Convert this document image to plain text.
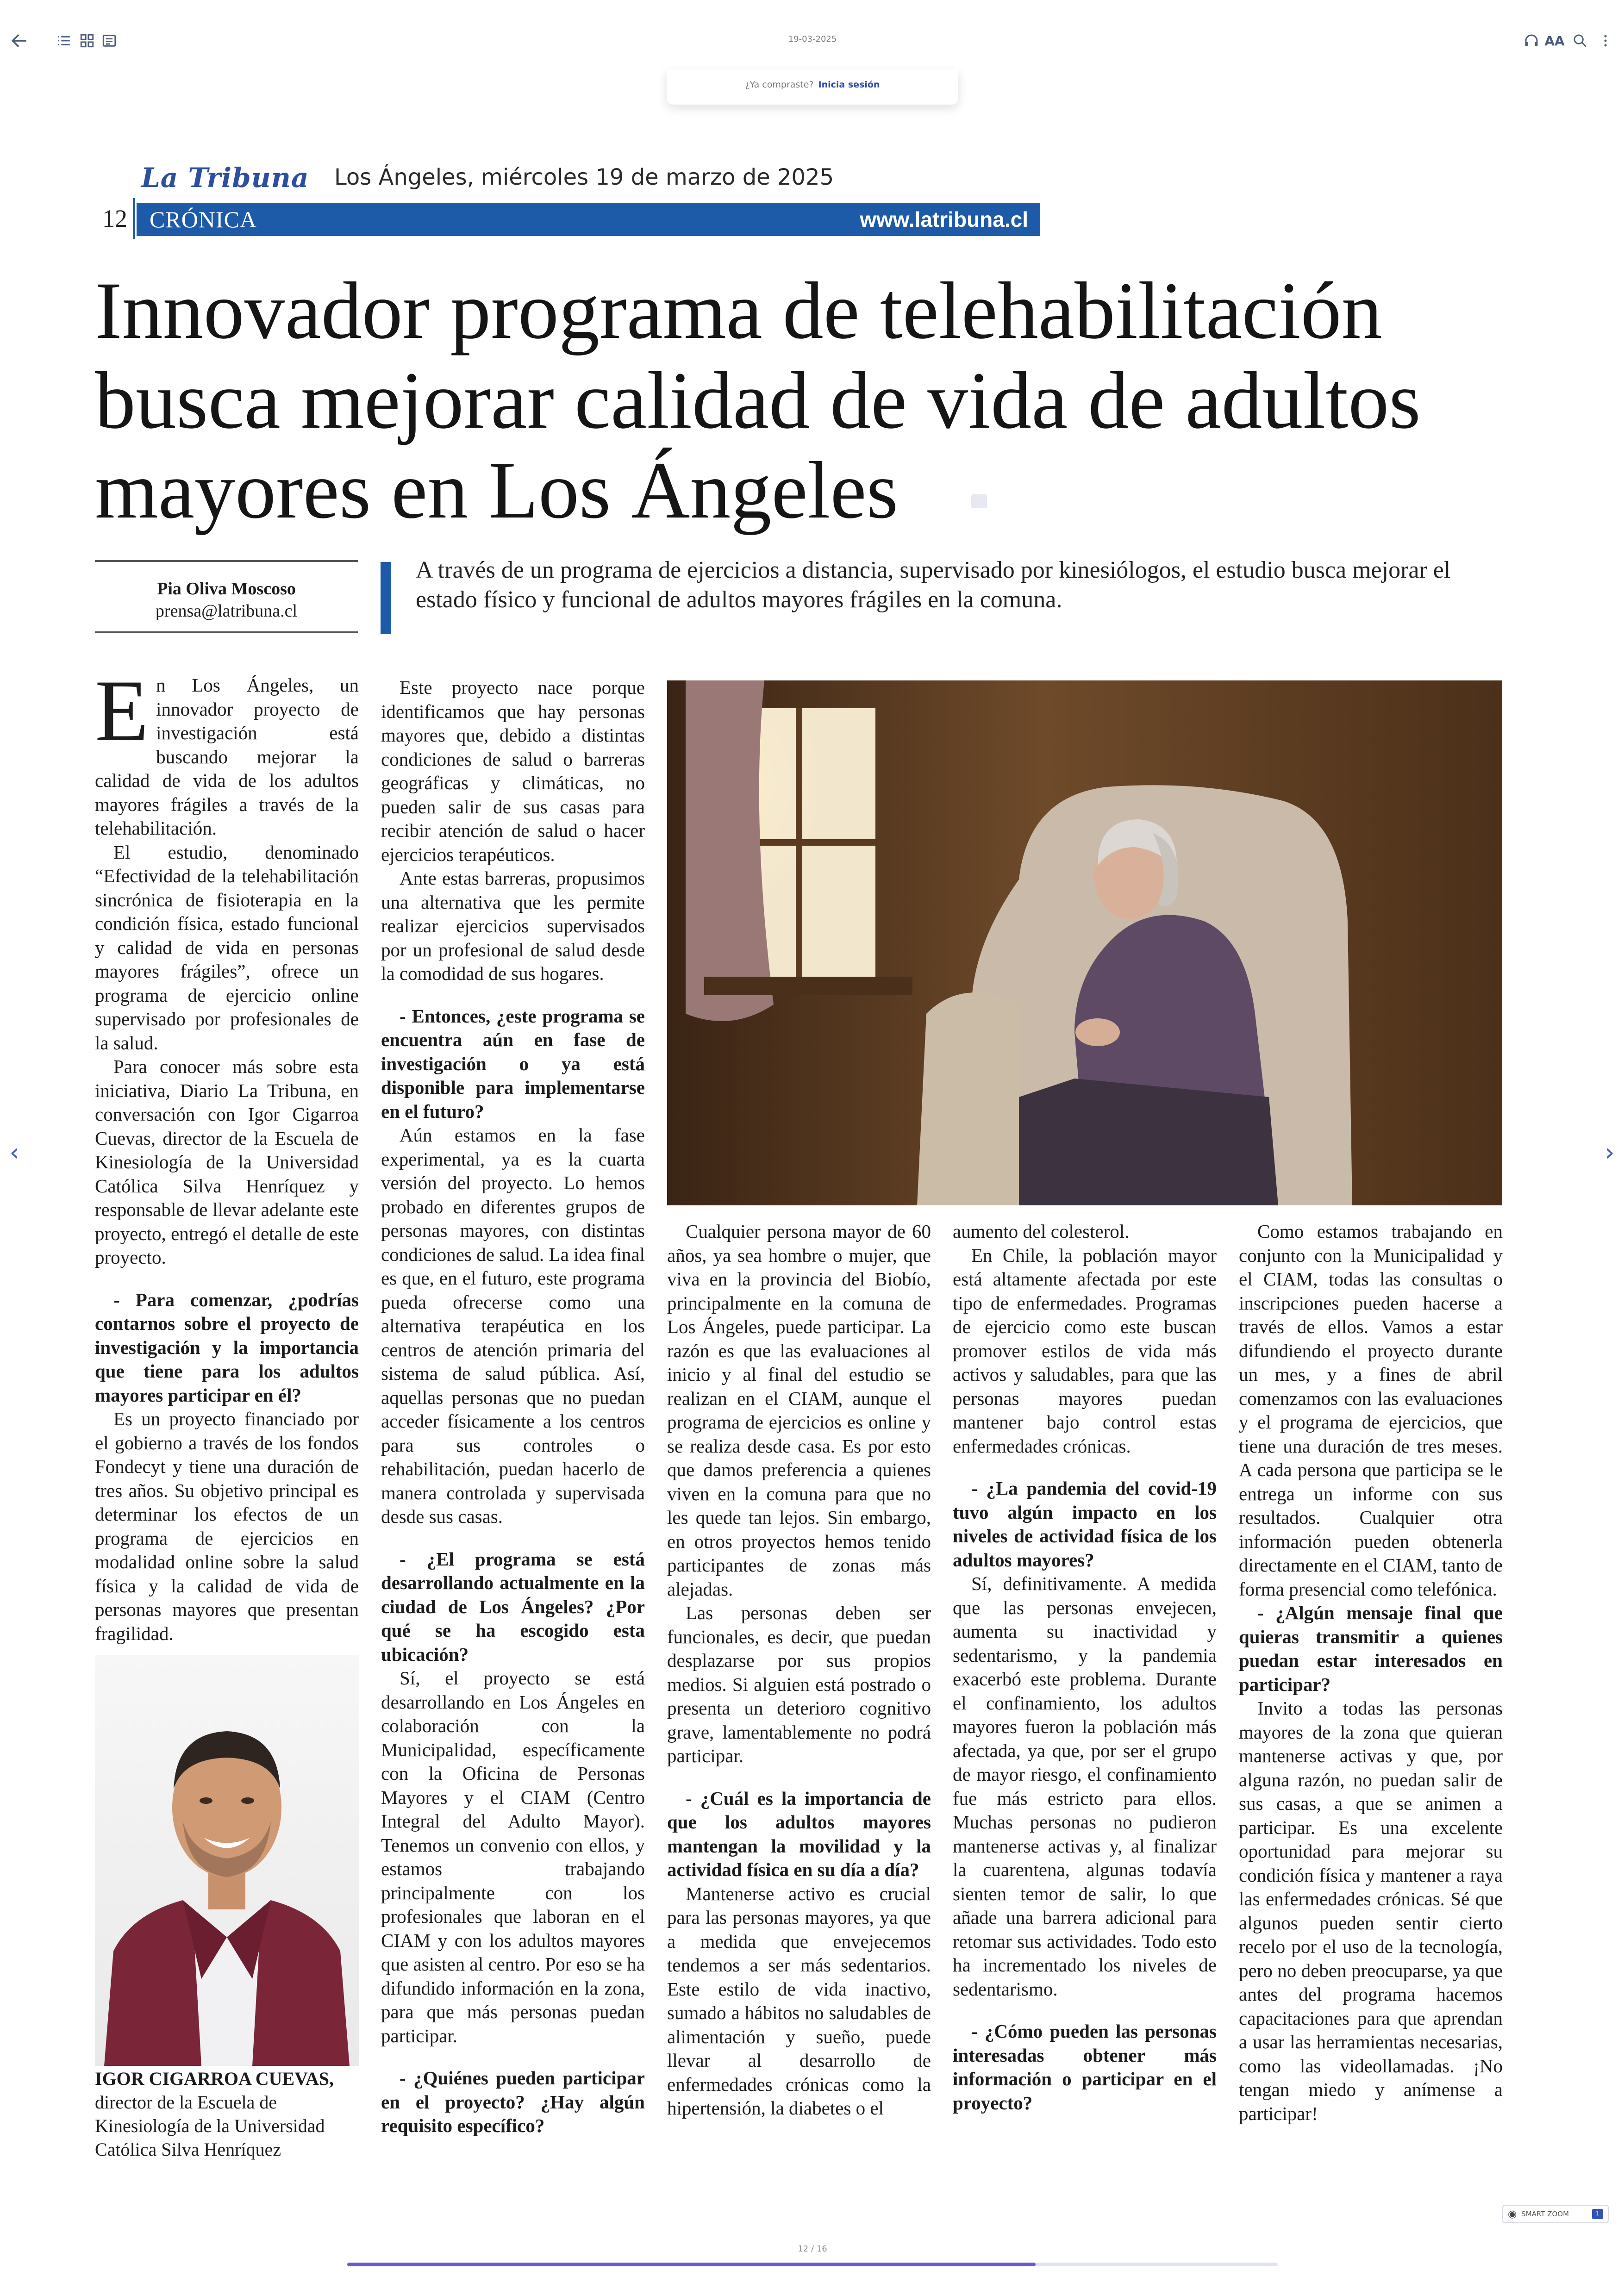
19-03-2025	AA
¿Ya compraste? Inicia sesión
‹	›
La Tribuna Los Ángeles, miércoles 19 de marzo de 2025
12 CRÓNICA	www.latribuna.cl
Innovador programa de telehabilitación busca mejorar calidad de vida de adultos mayores en Los Ángeles
Pia Oliva Moscoso
prensa@latribuna.cl
A través de un programa de ejercicios a distancia, supervisado por kinesiólogos, el estudio busca mejorar el estado físico y funcional de adultos mayores frágiles en la comuna.

En Los Ángeles, un innovador proyecto de investigación está buscando mejorar la calidad de vida de los adultos mayores frágiles a través de la telehabilitación.

El estudio, denominado “Efectividad de la telehabilitación sincrónica de fisioterapia en la condición física, estado funcional y calidad de vida en personas mayores frágiles”, ofrece un programa de ejercicio online supervisado por profesionales de la salud.

Para conocer más sobre esta iniciativa, Diario La Tribuna, en conversación con Igor Cigarroa Cuevas, director de la Escuela de Kinesiología de la Universidad Católica Silva Henríquez y responsable de llevar adelante este proyecto, entregó el detalle de este proyecto.

- Para comenzar, ¿podrías contarnos sobre el proyecto de investigación y la importancia que tiene para los adultos mayores participar en él?

Es un proyecto financiado por el gobierno a través de los fondos Fondecyt y tiene una duración de tres años. Su objetivo principal es determinar los efectos de un programa de ejercicios en modalidad online sobre la salud física y la calidad de vida de personas mayores que presentan fragilidad.

IGOR CIGARROA CUEVAS,
director de la Escuela de Kinesiología de la Universidad Católica Silva Henríquez

Este proyecto nace porque identificamos que hay personas mayores que, debido a distintas condiciones de salud o barreras geográficas y climáticas, no pueden salir de sus casas para recibir atención de salud o hacer ejercicios terapéuticos.

Ante estas barreras, propusimos una alternativa que les permite realizar ejercicios supervisados por un profesional de salud desde la comodidad de sus hogares.

- Entonces, ¿este programa se encuentra aún en fase de investigación o ya está disponible para implementarse en el futuro?

Aún estamos en la fase experimental, ya es la cuarta versión del proyecto. Lo hemos probado en diferentes grupos de personas mayores, con distintas condiciones de salud. La idea final es que, en el futuro, este programa pueda ofrecerse como una alternativa terapéutica en los centros de atención primaria del sistema de salud pública. Así, aquellas personas que no puedan acceder físicamente a los centros para sus controles o rehabilitación, puedan hacerlo de manera controlada y supervisada desde sus casas.

- ¿El programa se está desarrollando actualmente en la ciudad de Los Ángeles? ¿Por qué se ha escogido esta ubicación?

Sí, el proyecto se está desarrollando en Los Ángeles en colaboración con la Municipalidad, específicamente con la Oficina de Personas Mayores y el CIAM (Centro Integral del Adulto Mayor). Tenemos un convenio con ellos, y estamos trabajando principalmente con los profesionales que laboran en el CIAM y con los adultos mayores que asisten al centro. Por eso se ha difundido información en la zona, para que más personas puedan participar.

- ¿Quiénes pueden participar en el proyecto? ¿Hay algún requisito específico?

Cualquier persona mayor de 60 años, ya sea hombre o mujer, que viva en la provincia del Biobío, principalmente en la comuna de Los Ángeles, puede participar. La razón es que las evaluaciones al inicio y al final del estudio se realizan en el CIAM, aunque el programa de ejercicios es online y se realiza desde casa. Es por esto que damos preferencia a quienes viven en la comuna para que no les quede tan lejos. Sin embargo, en otros proyectos hemos tenido participantes de zonas más alejadas.

Las personas deben ser funcionales, es decir, que puedan desplazarse por sus propios medios. Si alguien está postrado o presenta un deterioro cognitivo grave, lamentablemente no podrá participar.

- ¿Cuál es la importancia de que los adultos mayores mantengan la movilidad y la actividad física en su día a día?

Mantenerse activo es crucial para las personas mayores, ya que a medida que envejecemos tendemos a ser más sedentarios. Este estilo de vida inactivo, sumado a hábitos no saludables de alimentación y sueño, puede llevar al desarrollo de enfermedades crónicas como la hipertensión, la diabetes o el

aumento del colesterol.

En Chile, la población mayor está altamente afectada por este tipo de enfermedades. Programas de ejercicio como este buscan promover estilos de vida más activos y saludables, para que las personas mayores puedan mantener bajo control estas enfermedades crónicas.

- ¿La pandemia del covid-19 tuvo algún impacto en los niveles de actividad física de los adultos mayores?

Sí, definitivamente. A medida que las personas envejecen, aumenta su inactividad y sedentarismo, y la pandemia exacerbó este problema. Durante el confinamiento, los adultos mayores fueron la población más afectada, ya que, por ser el grupo de mayor riesgo, el confinamiento fue más estricto para ellos. Muchas personas no pudieron mantenerse activas y, al finalizar la cuarentena, algunas todavía sienten temor de salir, lo que añade una barrera adicional para retomar sus actividades. Todo esto ha incrementado los niveles de sedentarismo.

- ¿Cómo pueden las personas interesadas obtener más información o participar en el proyecto?

Como estamos trabajando en conjunto con la Municipalidad y el CIAM, todas las consultas o inscripciones pueden hacerse a través de ellos. Vamos a estar difundiendo el proyecto durante un mes, y a fines de abril comenzamos con las evaluaciones y el programa de ejercicios, que tiene una duración de tres meses. A cada persona que participa se le entrega un informe con sus resultados. Cualquier otra información pueden obtenerla directamente en el CIAM, tanto de forma presencial como telefónica.

- ¿Algún mensaje final que quieras transmitir a quienes puedan estar interesados en participar?

Invito a todas las personas mayores de la zona que quieran mantenerse activas y que, por alguna razón, no puedan salir de sus casas, a que se animen a participar. Es una excelente oportunidad para mejorar su condición física y mantener a raya las enfermedades crónicas. Sé que algunos pueden sentir cierto recelo por el uso de la tecnología, pero no deben preocuparse, ya que antes del programa hacemos capacitaciones para que aprendan a usar las herramientas necesarias, como las videollamadas. ¡No tengan miedo y anímense a participar!

◉ SMART ZOOM	1
12 / 16
